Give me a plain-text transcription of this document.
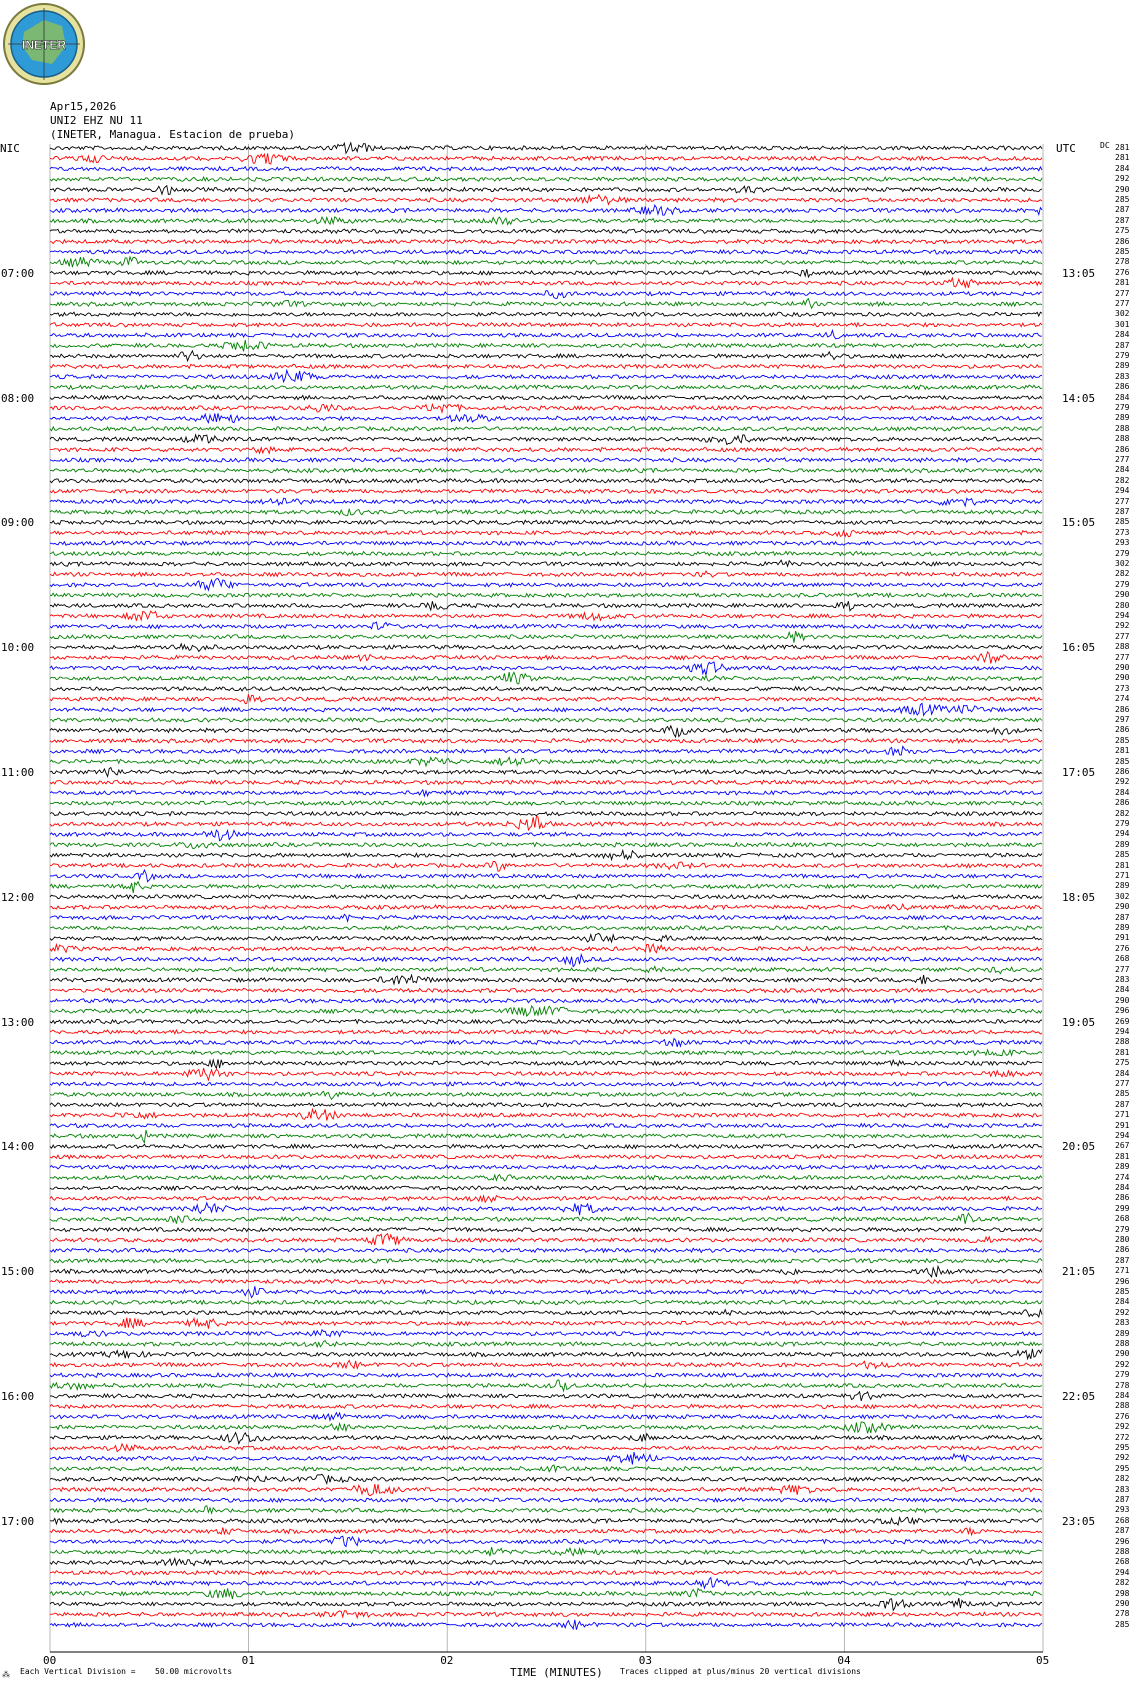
INETER
Apr15,2026
UNI2 EHZ NU 11
(INETER, Managua. Estacion de prueba)
NIC	UTC	DC
07:00
08:00
09:00
10:00
11:00
12:00
13:00
14:00
15:00
16:00
17:00
13:05
14:05
15:05
16:05
17:05
18:05
19:05
20:05
21:05
22:05
23:05
281
281
284
292
290
285
287
287
275
286
285
278
276
281
277
277
302
301
284
287
279
289
283
286
284
279
289
288
288
286
277
284
282
294
277
287
285
273
293
279
302
282
279
290
280
294
292
277
288
277
290
290
273
274
286
297
286
285
281
285
286
292
284
286
282
279
294
289
285
281
271
289
302
290
287
289
291
276
268
277
283
284
290
296
269
294
288
281
275
284
277
285
287
271
291
294
267
281
289
274
284
286
299
268
279
280
286
287
271
296
285
284
292
283
289
288
290
292
279
278
284
288
276
292
272
295
292
295
282
283
287
293
268
287
296
288
268
294
282
298
290
278
285
00	01	02	03	04	05
TIME (MINUTES)
⁂ Each Vertical Division = 50.00 microvolts	Traces clipped at plus/minus 20 vertical divisions
